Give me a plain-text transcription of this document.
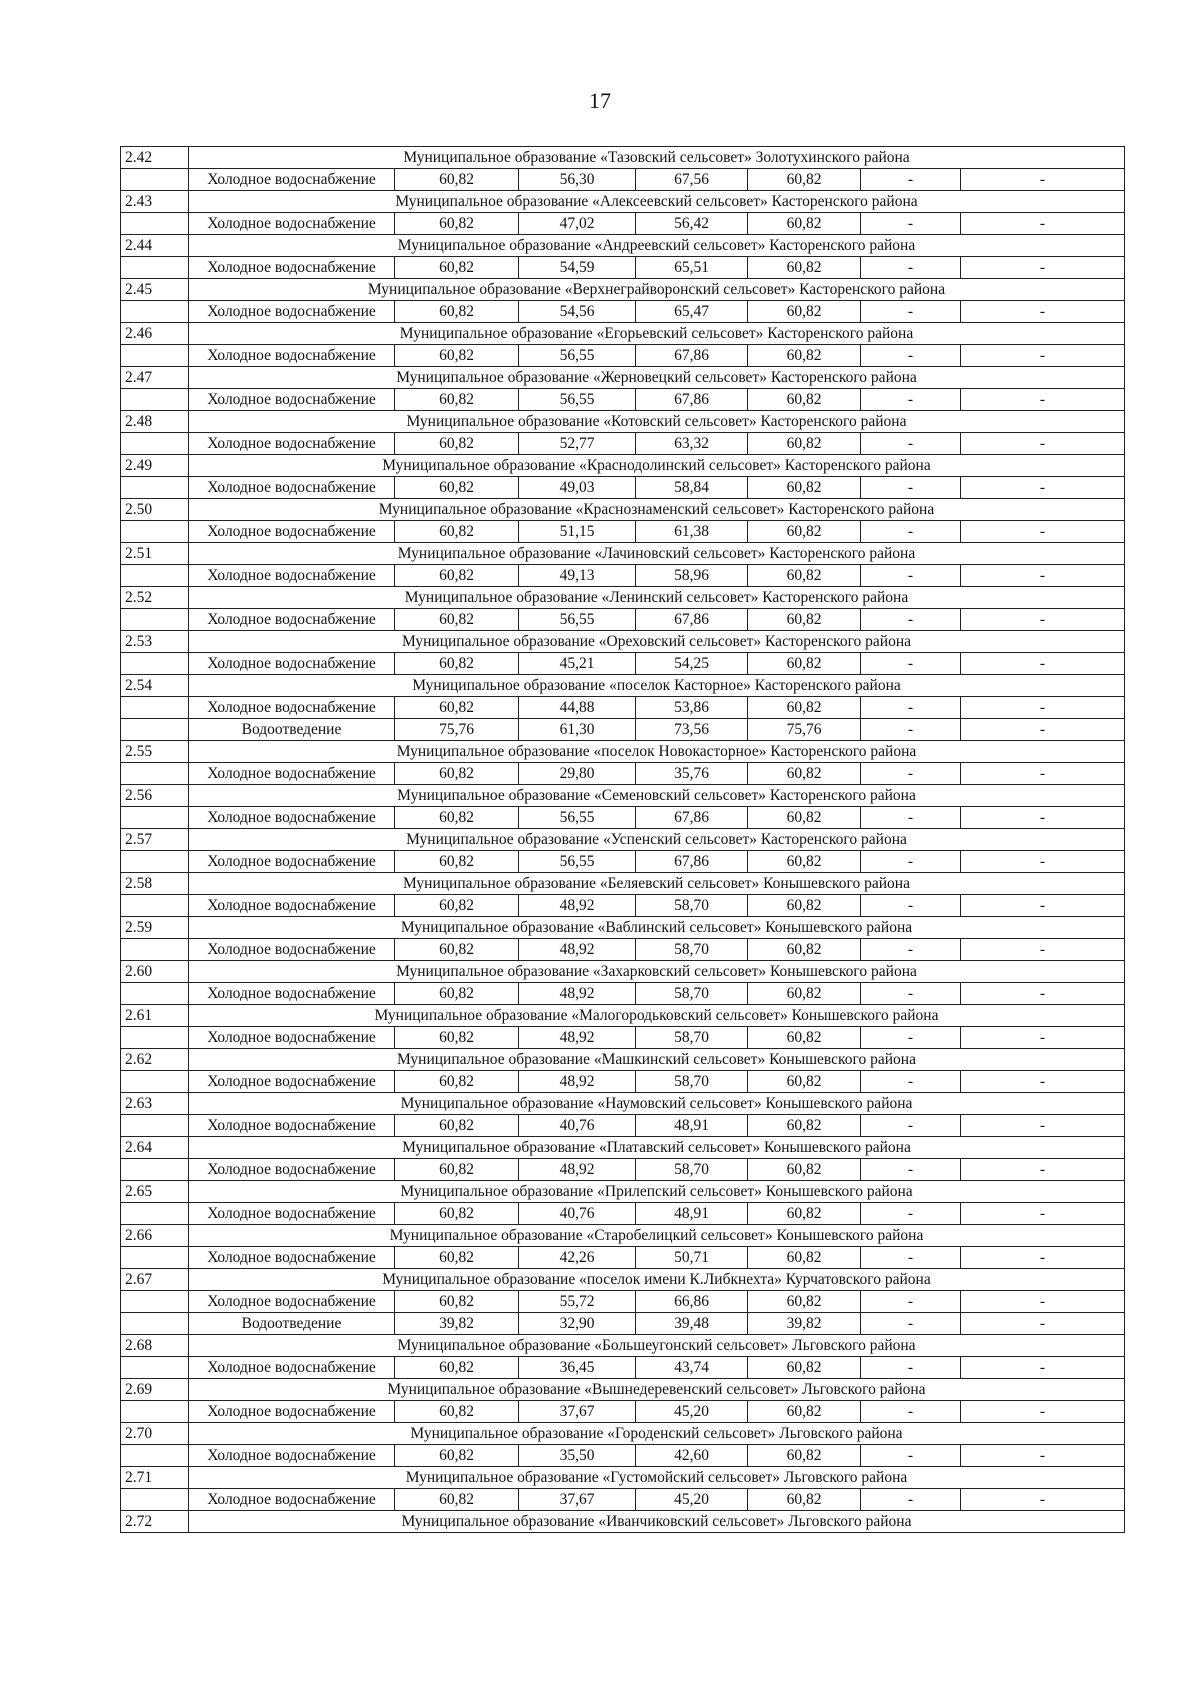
17
2.42	Муниципальное образование «Тазовский сельсовет» Золотухинского района						
	Холодное водоснабжение	60,82	56,30	67,56	60,82	-	-
2.43	Муниципальное образование «Алексеевский сельсовет» Касторенского района						
	Холодное водоснабжение	60,82	47,02	56,42	60,82	-	-
2.44	Муниципальное образование «Андреевский сельсовет» Касторенского района						
	Холодное водоснабжение	60,82	54,59	65,51	60,82	-	-
2.45	Муниципальное образование «Верхнеграйворонский сельсовет» Касторенского района						
	Холодное водоснабжение	60,82	54,56	65,47	60,82	-	-
2.46	Муниципальное образование «Егорьевский сельсовет» Касторенского района						
	Холодное водоснабжение	60,82	56,55	67,86	60,82	-	-
2.47	Муниципальное образование «Жерновецкий сельсовет» Касторенского района						
	Холодное водоснабжение	60,82	56,55	67,86	60,82	-	-
2.48	Муниципальное образование «Котовский сельсовет» Касторенского района						
	Холодное водоснабжение	60,82	52,77	63,32	60,82	-	-
2.49	Муниципальное образование «Краснодолинский сельсовет» Касторенского района						
	Холодное водоснабжение	60,82	49,03	58,84	60,82	-	-
2.50	Муниципальное образование «Краснознаменский сельсовет» Касторенского района						
	Холодное водоснабжение	60,82	51,15	61,38	60,82	-	-
2.51	Муниципальное образование «Лачиновский сельсовет» Касторенского района						
	Холодное водоснабжение	60,82	49,13	58,96	60,82	-	-
2.52	Муниципальное образование «Ленинский сельсовет» Касторенского района						
	Холодное водоснабжение	60,82	56,55	67,86	60,82	-	-
2.53	Муниципальное образование «Ореховский сельсовет» Касторенского района						
	Холодное водоснабжение	60,82	45,21	54,25	60,82	-	-
2.54	Муниципальное образование «поселок Касторное» Касторенского района						
	Холодное водоснабжение	60,82	44,88	53,86	60,82	-	-
	Водоотведение	75,76	61,30	73,56	75,76	-	-
2.55	Муниципальное образование «поселок Новокасторное» Касторенского района						
	Холодное водоснабжение	60,82	29,80	35,76	60,82	-	-
2.56	Муниципальное образование «Семеновский сельсовет» Касторенского района						
	Холодное водоснабжение	60,82	56,55	67,86	60,82	-	-
2.57	Муниципальное образование «Успенский сельсовет» Касторенского района						
	Холодное водоснабжение	60,82	56,55	67,86	60,82	-	-
2.58	Муниципальное образование «Беляевский сельсовет» Конышевского района						
	Холодное водоснабжение	60,82	48,92	58,70	60,82	-	-
2.59	Муниципальное образование «Ваблинский сельсовет» Конышевского района						
	Холодное водоснабжение	60,82	48,92	58,70	60,82	-	-
2.60	Муниципальное образование «Захарковский сельсовет» Конышевского района						
	Холодное водоснабжение	60,82	48,92	58,70	60,82	-	-
2.61	Муниципальное образование «Малогородьковский сельсовет» Конышевского района						
	Холодное водоснабжение	60,82	48,92	58,70	60,82	-	-
2.62	Муниципальное образование «Машкинский сельсовет» Конышевского района						
	Холодное водоснабжение	60,82	48,92	58,70	60,82	-	-
2.63	Муниципальное образование «Наумовский сельсовет» Конышевского района						
	Холодное водоснабжение	60,82	40,76	48,91	60,82	-	-
2.64	Муниципальное образование «Платавский сельсовет» Конышевского района						
	Холодное водоснабжение	60,82	48,92	58,70	60,82	-	-
2.65	Муниципальное образование «Прилепский сельсовет» Конышевского района						
	Холодное водоснабжение	60,82	40,76	48,91	60,82	-	-
2.66	Муниципальное образование «Старобелицкий сельсовет» Конышевского района						
	Холодное водоснабжение	60,82	42,26	50,71	60,82	-	-
2.67	Муниципальное образование «поселок имени К.Либкнехта» Курчатовского района						
	Холодное водоснабжение	60,82	55,72	66,86	60,82	-	-
	Водоотведение	39,82	32,90	39,48	39,82	-	-
2.68	Муниципальное образование «Большеугонский сельсовет» Льговского района						
	Холодное водоснабжение	60,82	36,45	43,74	60,82	-	-
2.69	Муниципальное образование «Вышнедеревенский сельсовет» Льговского района						
	Холодное водоснабжение	60,82	37,67	45,20	60,82	-	-
2.70	Муниципальное образование «Городенский сельсовет» Льговского района						
	Холодное водоснабжение	60,82	35,50	42,60	60,82	-	-
2.71	Муниципальное образование «Густомойский сельсовет» Льговского района						
	Холодное водоснабжение	60,82	37,67	45,20	60,82	-	-
2.72	Муниципальное образование «Иванчиковский сельсовет» Льговского района						
